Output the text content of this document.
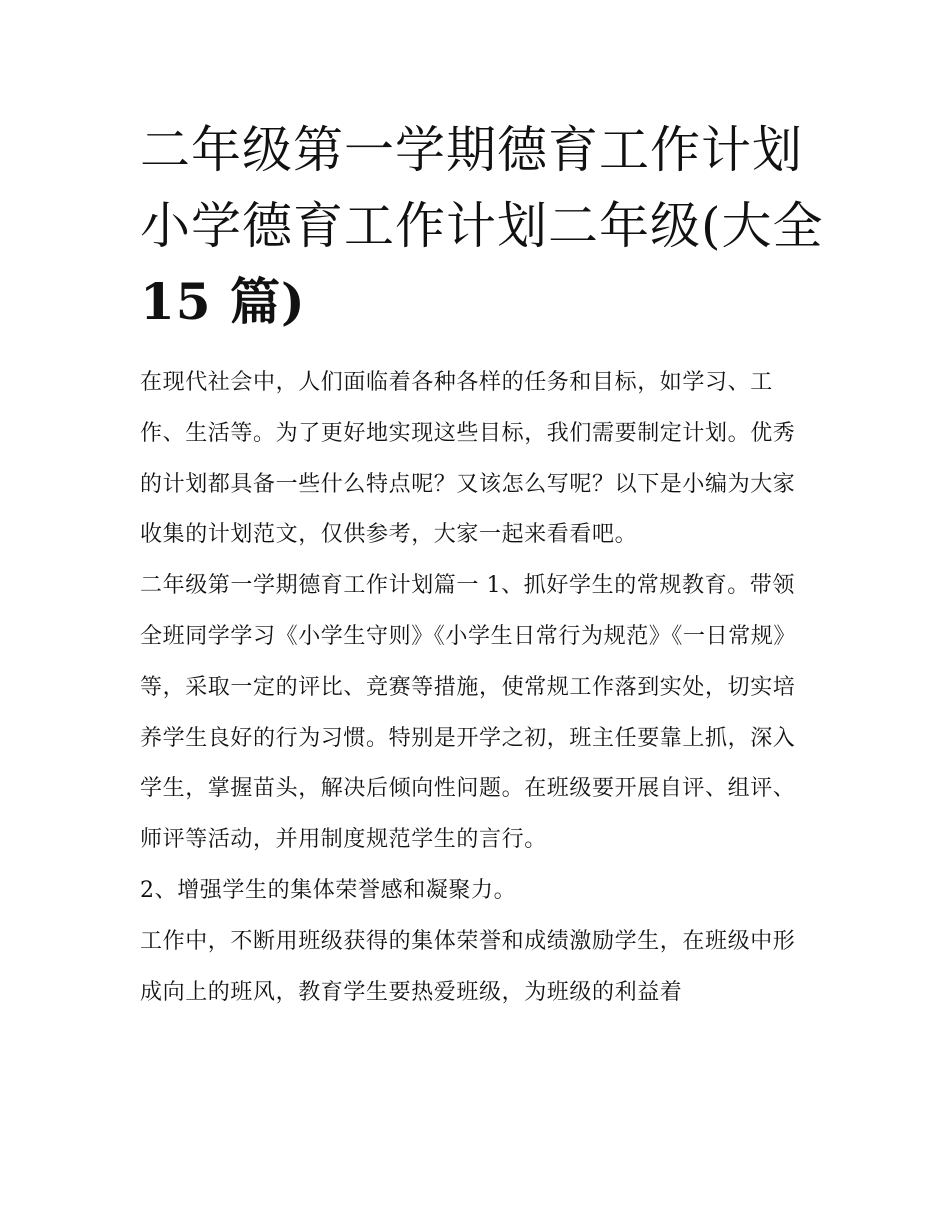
二年级第一学期德育工作计划
小学德育工作计划二年级(大全
15 篇)

在现代社会中，人们面临着各种各样的任务和目标，如学习、工作、生活等。为了更好地实现这些目标，我们需要制定计划。优秀的计划都具备一些什么特点呢？又该怎么写呢？以下是小编为大家收集的计划范文，仅供参考，大家一起来看看吧。

二年级第一学期德育工作计划篇一 1、抓好学生的常规教育。带领全班同学学习《小学生守则》《小学生日常行为规范》《一日常规》等，采取一定的评比、竞赛等措施，使常规工作落到实处，切实培养学生良好的行为习惯。特别是开学之初，班主任要靠上抓，深入学生，掌握苗头，解决后倾向性问题。在班级要开展自评、组评、师评等活动，并用制度规范学生的言行。

2、增强学生的集体荣誉感和凝聚力。

工作中，不断用班级获得的集体荣誉和成绩激励学生，在班级中形成向上的班风，教育学生要热爱班级，为班级的利益着
